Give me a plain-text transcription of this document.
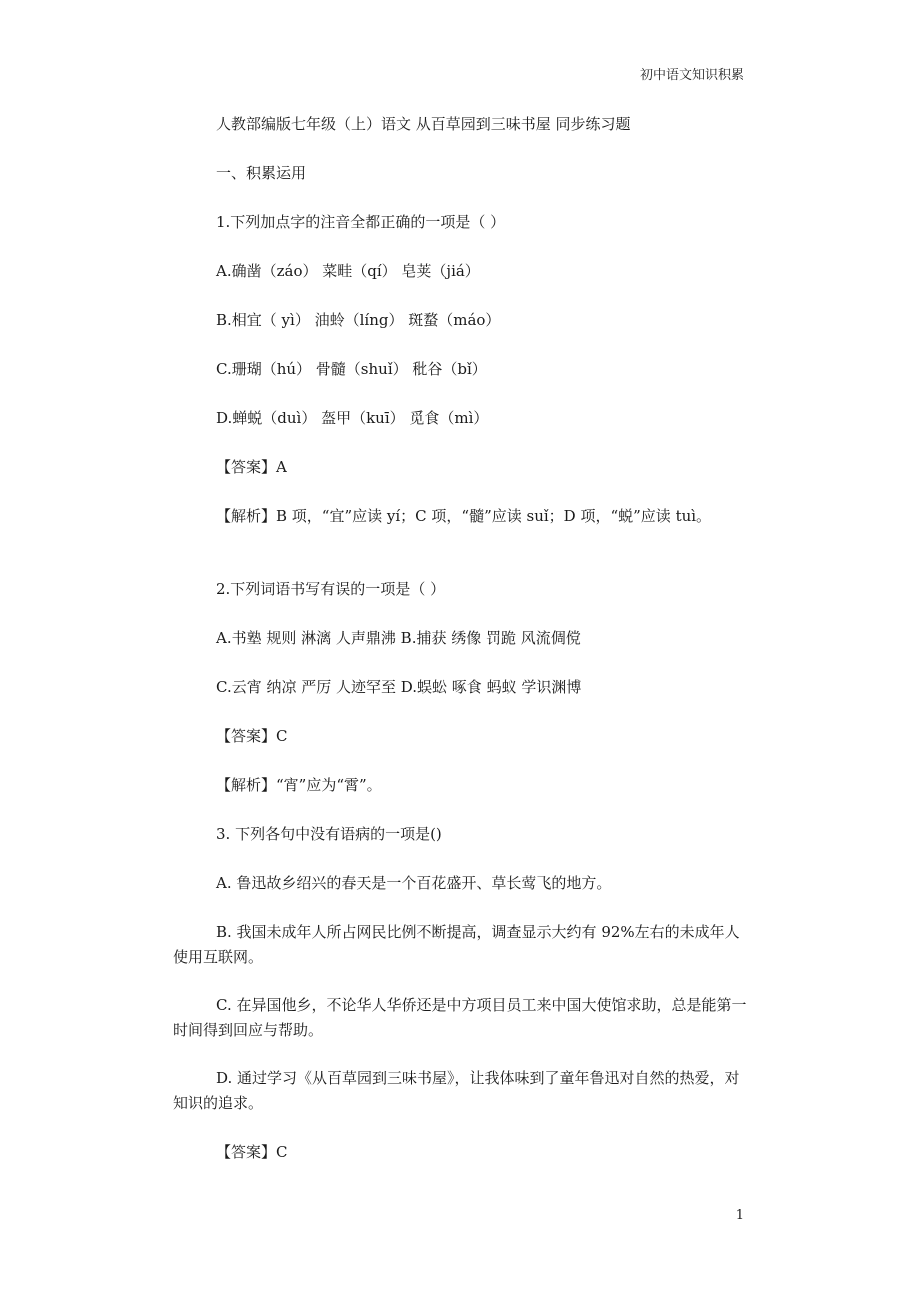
初中语文知识积累
人教部编版七年级（上）语文 从百草园到三味书屋 同步练习题
一、积累运用
1.下列加点字的注音全都正确的一项是（ ）
A.确凿（záo） 菜畦（qí） 皂荚（jiá）
B.相宜（ yì） 油蛉（líng） 斑蝥（máo）
C.珊瑚（hú） 骨髓（shuǐ） 秕谷（bǐ）
D.蝉蜕（duì） 盔甲（kuī） 觅食（mì）
【答案】A
【解析】B 项，“宜”应读 yí；C 项，“髓”应读 suǐ；D 项，“蜕”应读 tuì。
2.下列词语书写有误的一项是（ ）
A.书塾 规则 淋漓 人声鼎沸 B.捕获 绣像 罚跪 风流倜傥
C.云宵 纳凉 严厉 人迹罕至 D.蜈蚣 啄食 蚂蚁 学识渊博
【答案】C
【解析】“宵”应为“霄”。
3. 下列各句中没有语病的一项是()
A. 鲁迅故乡绍兴的春天是一个百花盛开、草长莺飞的地方。
B. 我国未成年人所占网民比例不断提高，调查显示大约有 92%左右的未成年人使用互联网。
C. 在异国他乡，不论华人华侨还是中方项目员工来中国大使馆求助，总是能第一时间得到回应与帮助。
D. 通过学习《从百草园到三味书屋》，让我体味到了童年鲁迅对自然的热爱，对知识的追求。
【答案】C
1
